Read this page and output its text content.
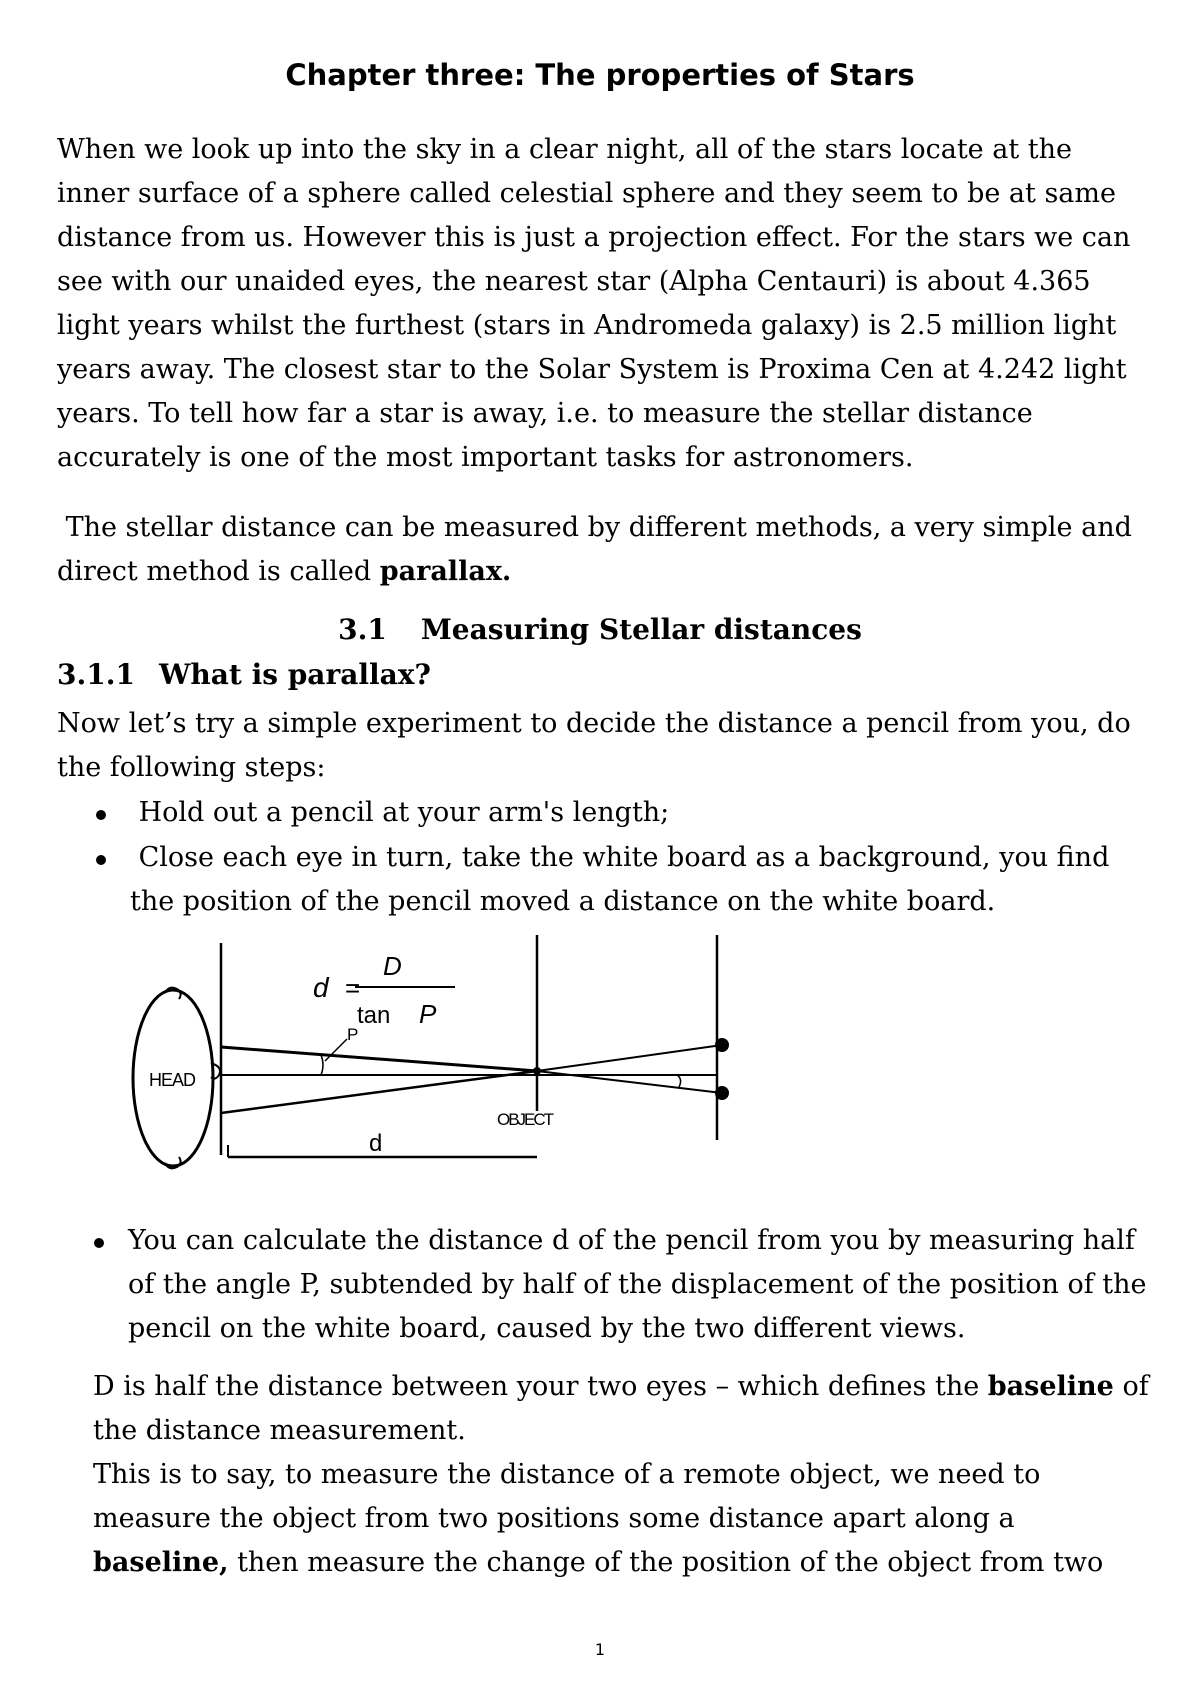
Chapter three: The properties of Stars
When we look up into the sky in a clear night, all of the stars locate at the
inner surface of a sphere called celestial sphere and they seem to be at same
distance from us. However this is just a projection effect. For the stars we can
see with our unaided eyes, the nearest star (Alpha Centauri) is about 4.365
light years whilst the furthest (stars in Andromeda galaxy) is 2.5 million light
years away. The closest star to the Solar System is Proxima Cen at 4.242 light
years. To tell how far a star is away, i.e. to measure the stellar distance
accurately is one of the most important tasks for astronomers.
The stellar distance can be measured by different methods, a very simple and
direct method is called parallax.
3.1 Measuring Stellar distances
3.1.1 What is parallax?
Now let’s try a simple experiment to decide the distance a pencil from you, do
the following steps:
Hold out a pencil at your arm's length;
Close each eye in turn, take the white board as a background, you find
the position of the pencil moved a distance on the white board.
d =
D
tan P
HEAD
P
OBJECT
d
You can calculate the distance d of the pencil from you by measuring half
of the angle P, subtended by half of the displacement of the position of the
pencil on the white board, caused by the two different views.
D is half the distance between your two eyes – which defines the baseline of
the distance measurement.
This is to say, to measure the distance of a remote object, we need to
measure the object from two positions some distance apart along a
baseline, then measure the change of the position of the object from two
1
